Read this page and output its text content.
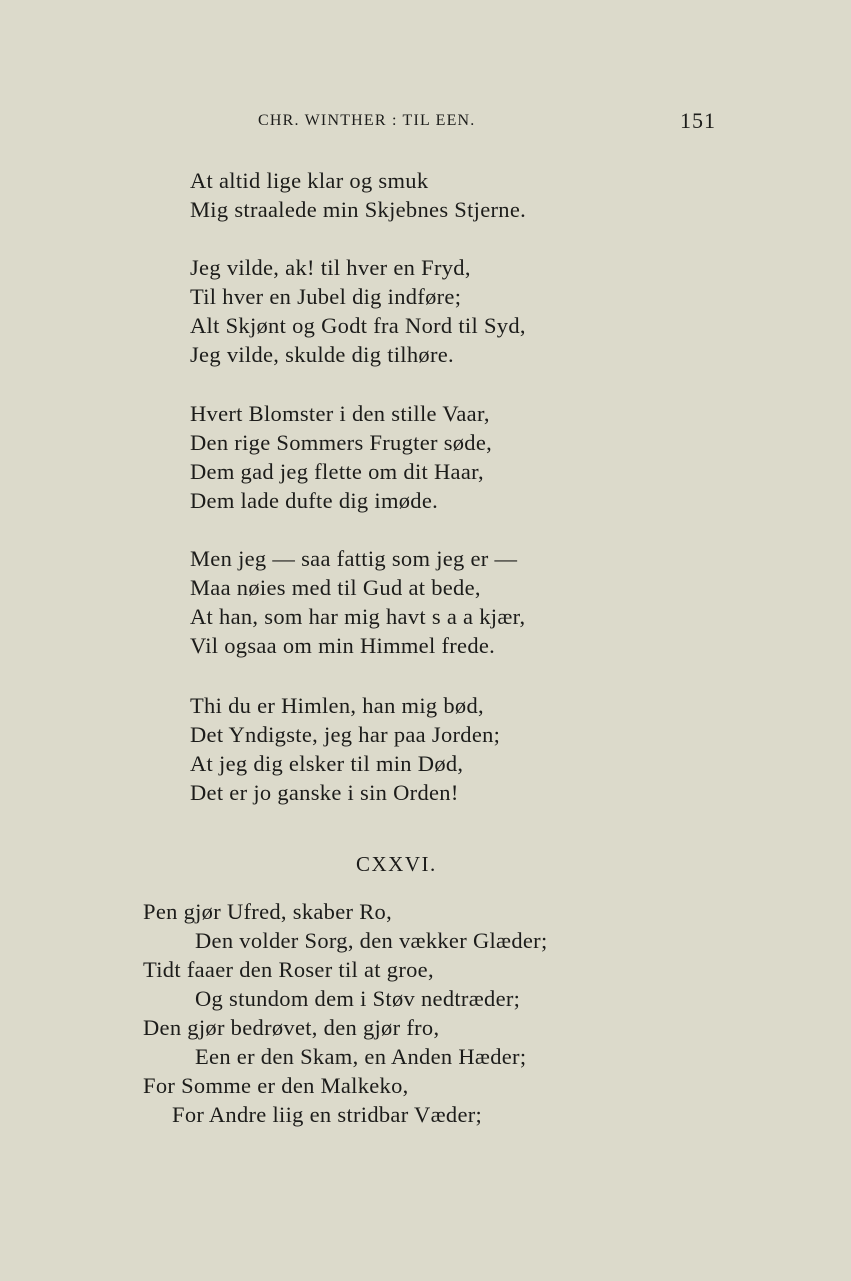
CHR. WINTHER : TIL EEN.	151
At altid lige klar og smuk
Mig straalede min Skjebnes Stjerne.
Jeg vilde, ak! til hver en Fryd,
Til hver en Jubel dig indføre;
Alt Skjønt og Godt fra Nord til Syd,
Jeg vilde, skulde dig tilhøre.
Hvert Blomster i den stille Vaar,
Den rige Sommers Frugter søde,
Dem gad jeg flette om dit Haar,
Dem lade dufte dig imøde.
Men jeg — saa fattig som jeg er —
Maa nøies med til Gud at bede,
At han, som har mig havt s a a kjær,
Vil ogsaa om min Himmel frede.
Thi du er Himlen, han mig bød,
Det Yndigste, jeg har paa Jorden;
At jeg dig elsker til min Død,
Det er jo ganske i sin Orden!
CXXVI.
Pen gjør Ufred, skaber Ro,
Den volder Sorg, den vækker Glæder;
Tidt faaer den Roser til at groe,
Og stundom dem i Støv nedtræder;
Den gjør bedrøvet, den gjør fro,
Een er den Skam, en Anden Hæder;
For Somme er den Malkeko,
For Andre liig en stridbar Væder;
